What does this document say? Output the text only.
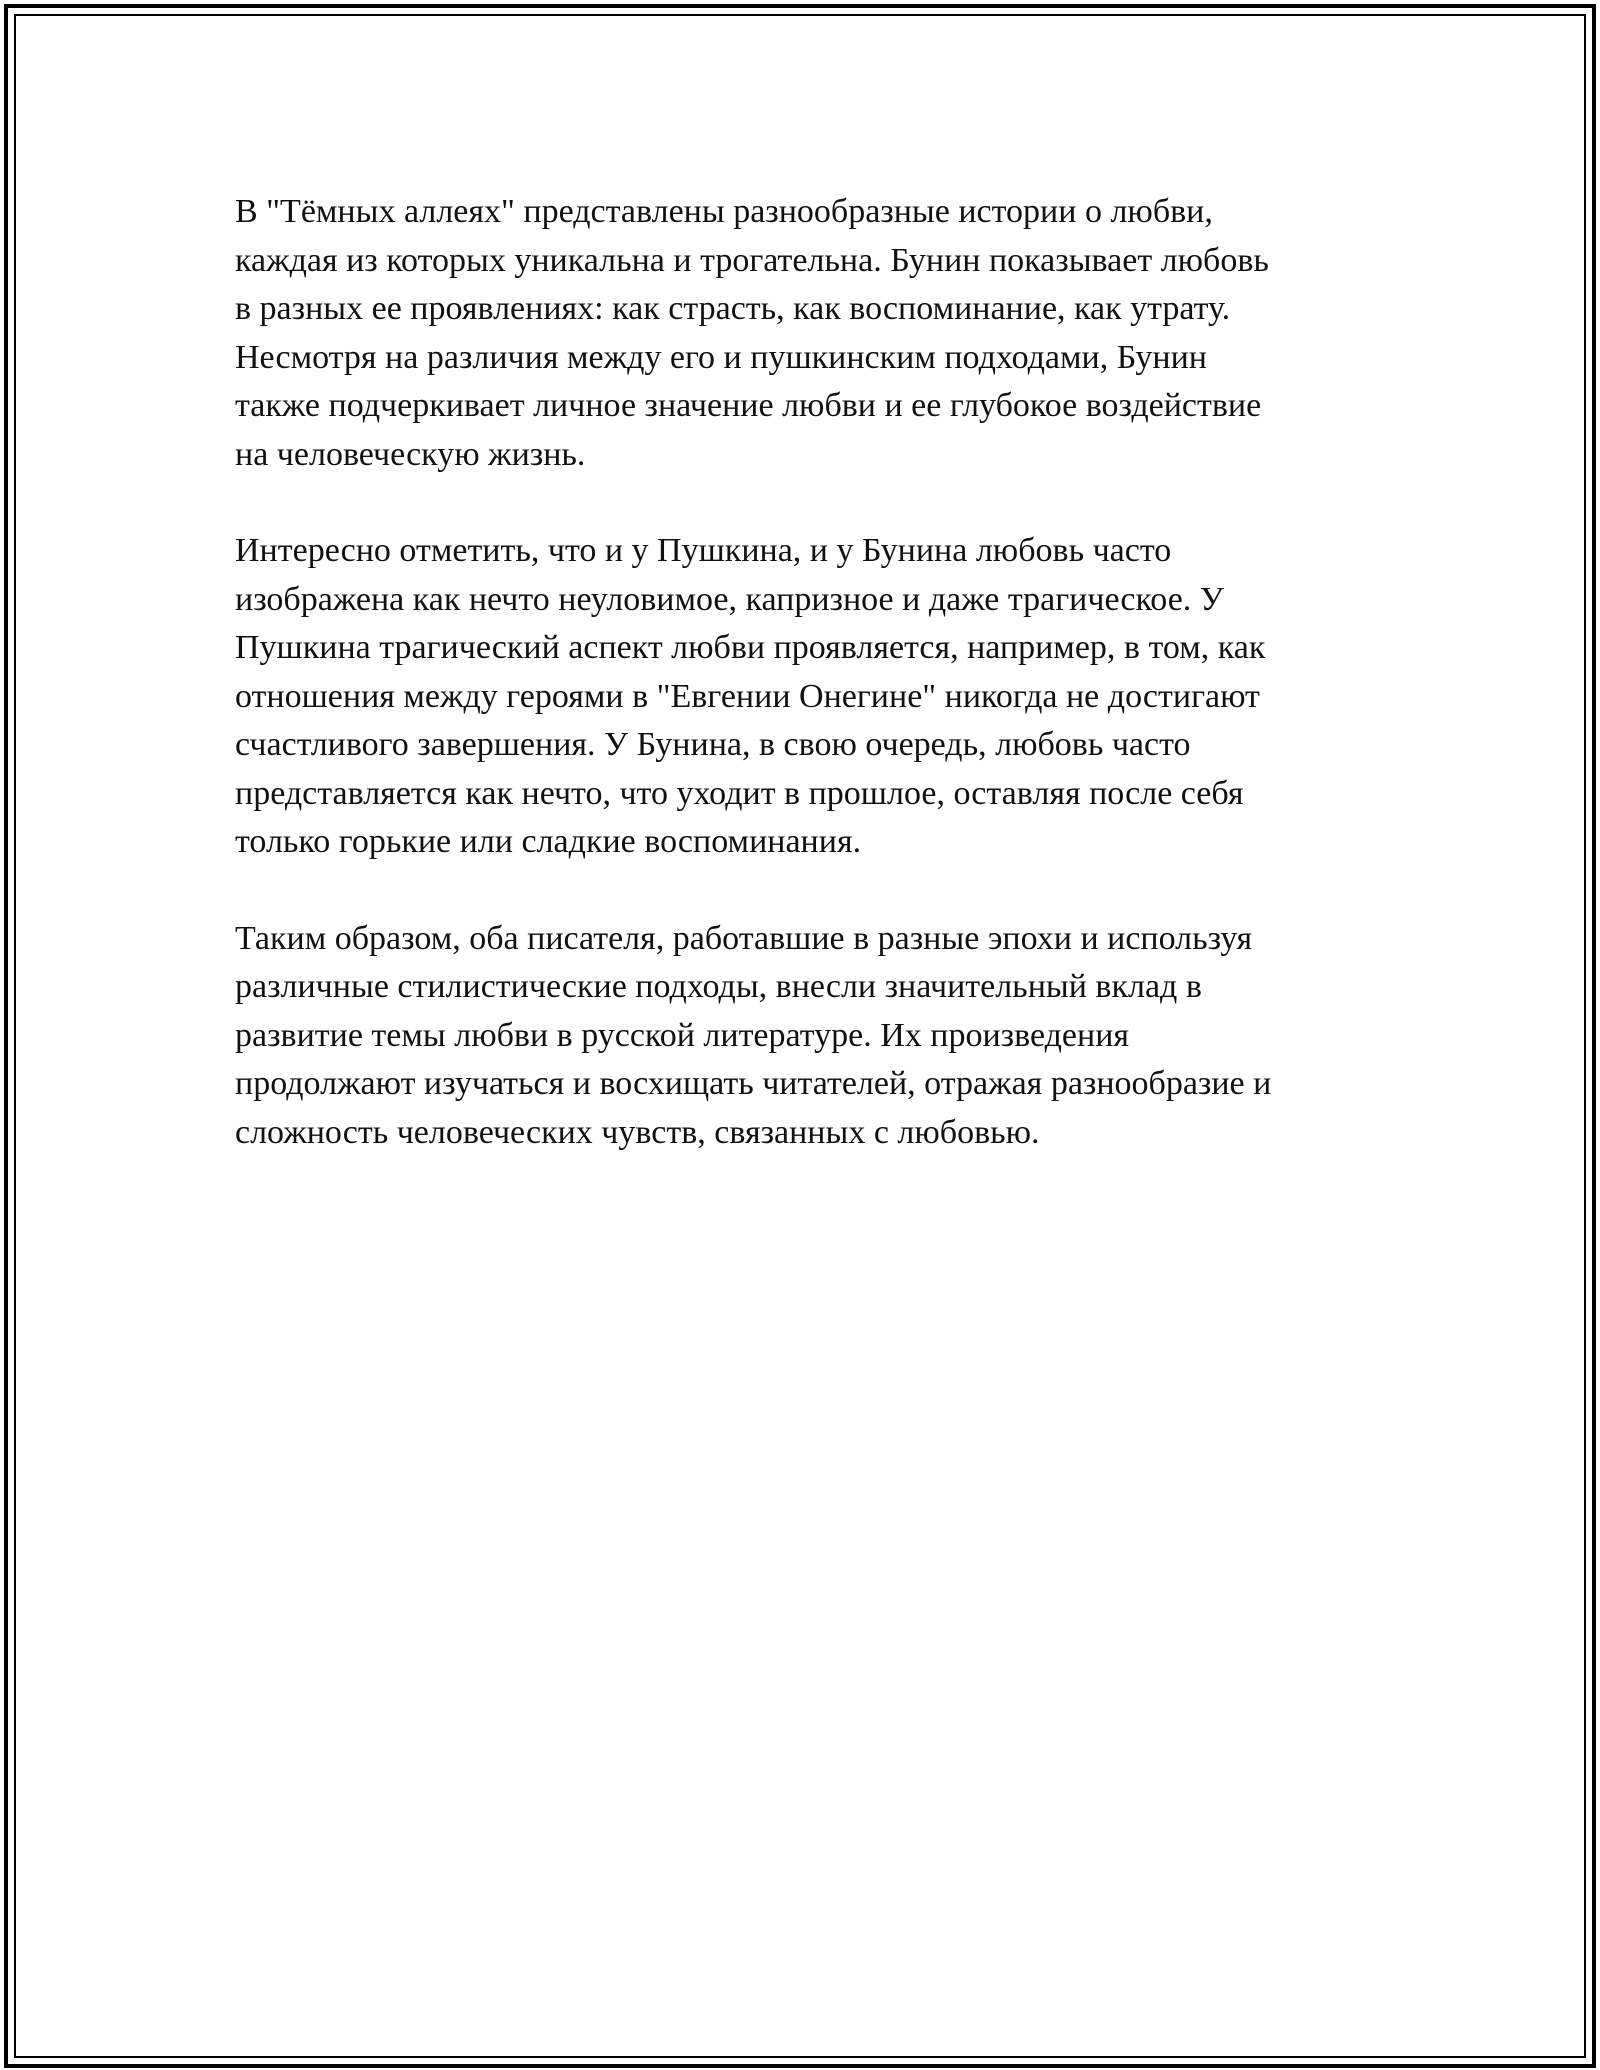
В "Тёмных аллеях" представлены разнообразные истории о любви,
каждая из которых уникальна и трогательна. Бунин показывает любовь
в разных ее проявлениях: как страсть, как воспоминание, как утрату.
Несмотря на различия между его и пушкинским подходами, Бунин
также подчеркивает личное значение любви и ее глубокое воздействие
на человеческую жизнь.

Интересно отметить, что и у Пушкина, и у Бунина любовь часто
изображена как нечто неуловимое, капризное и даже трагическое. У
Пушкина трагический аспект любви проявляется, например, в том, как
отношения между героями в "Евгении Онегине" никогда не достигают
счастливого завершения. У Бунина, в свою очередь, любовь часто
представляется как нечто, что уходит в прошлое, оставляя после себя
только горькие или сладкие воспоминания.

Таким образом, оба писателя, работавшие в разные эпохи и используя
различные стилистические подходы, внесли значительный вклад в
развитие темы любви в русской литературе. Их произведения
продолжают изучаться и восхищать читателей, отражая разнообразие и
сложность человеческих чувств, связанных с любовью.
